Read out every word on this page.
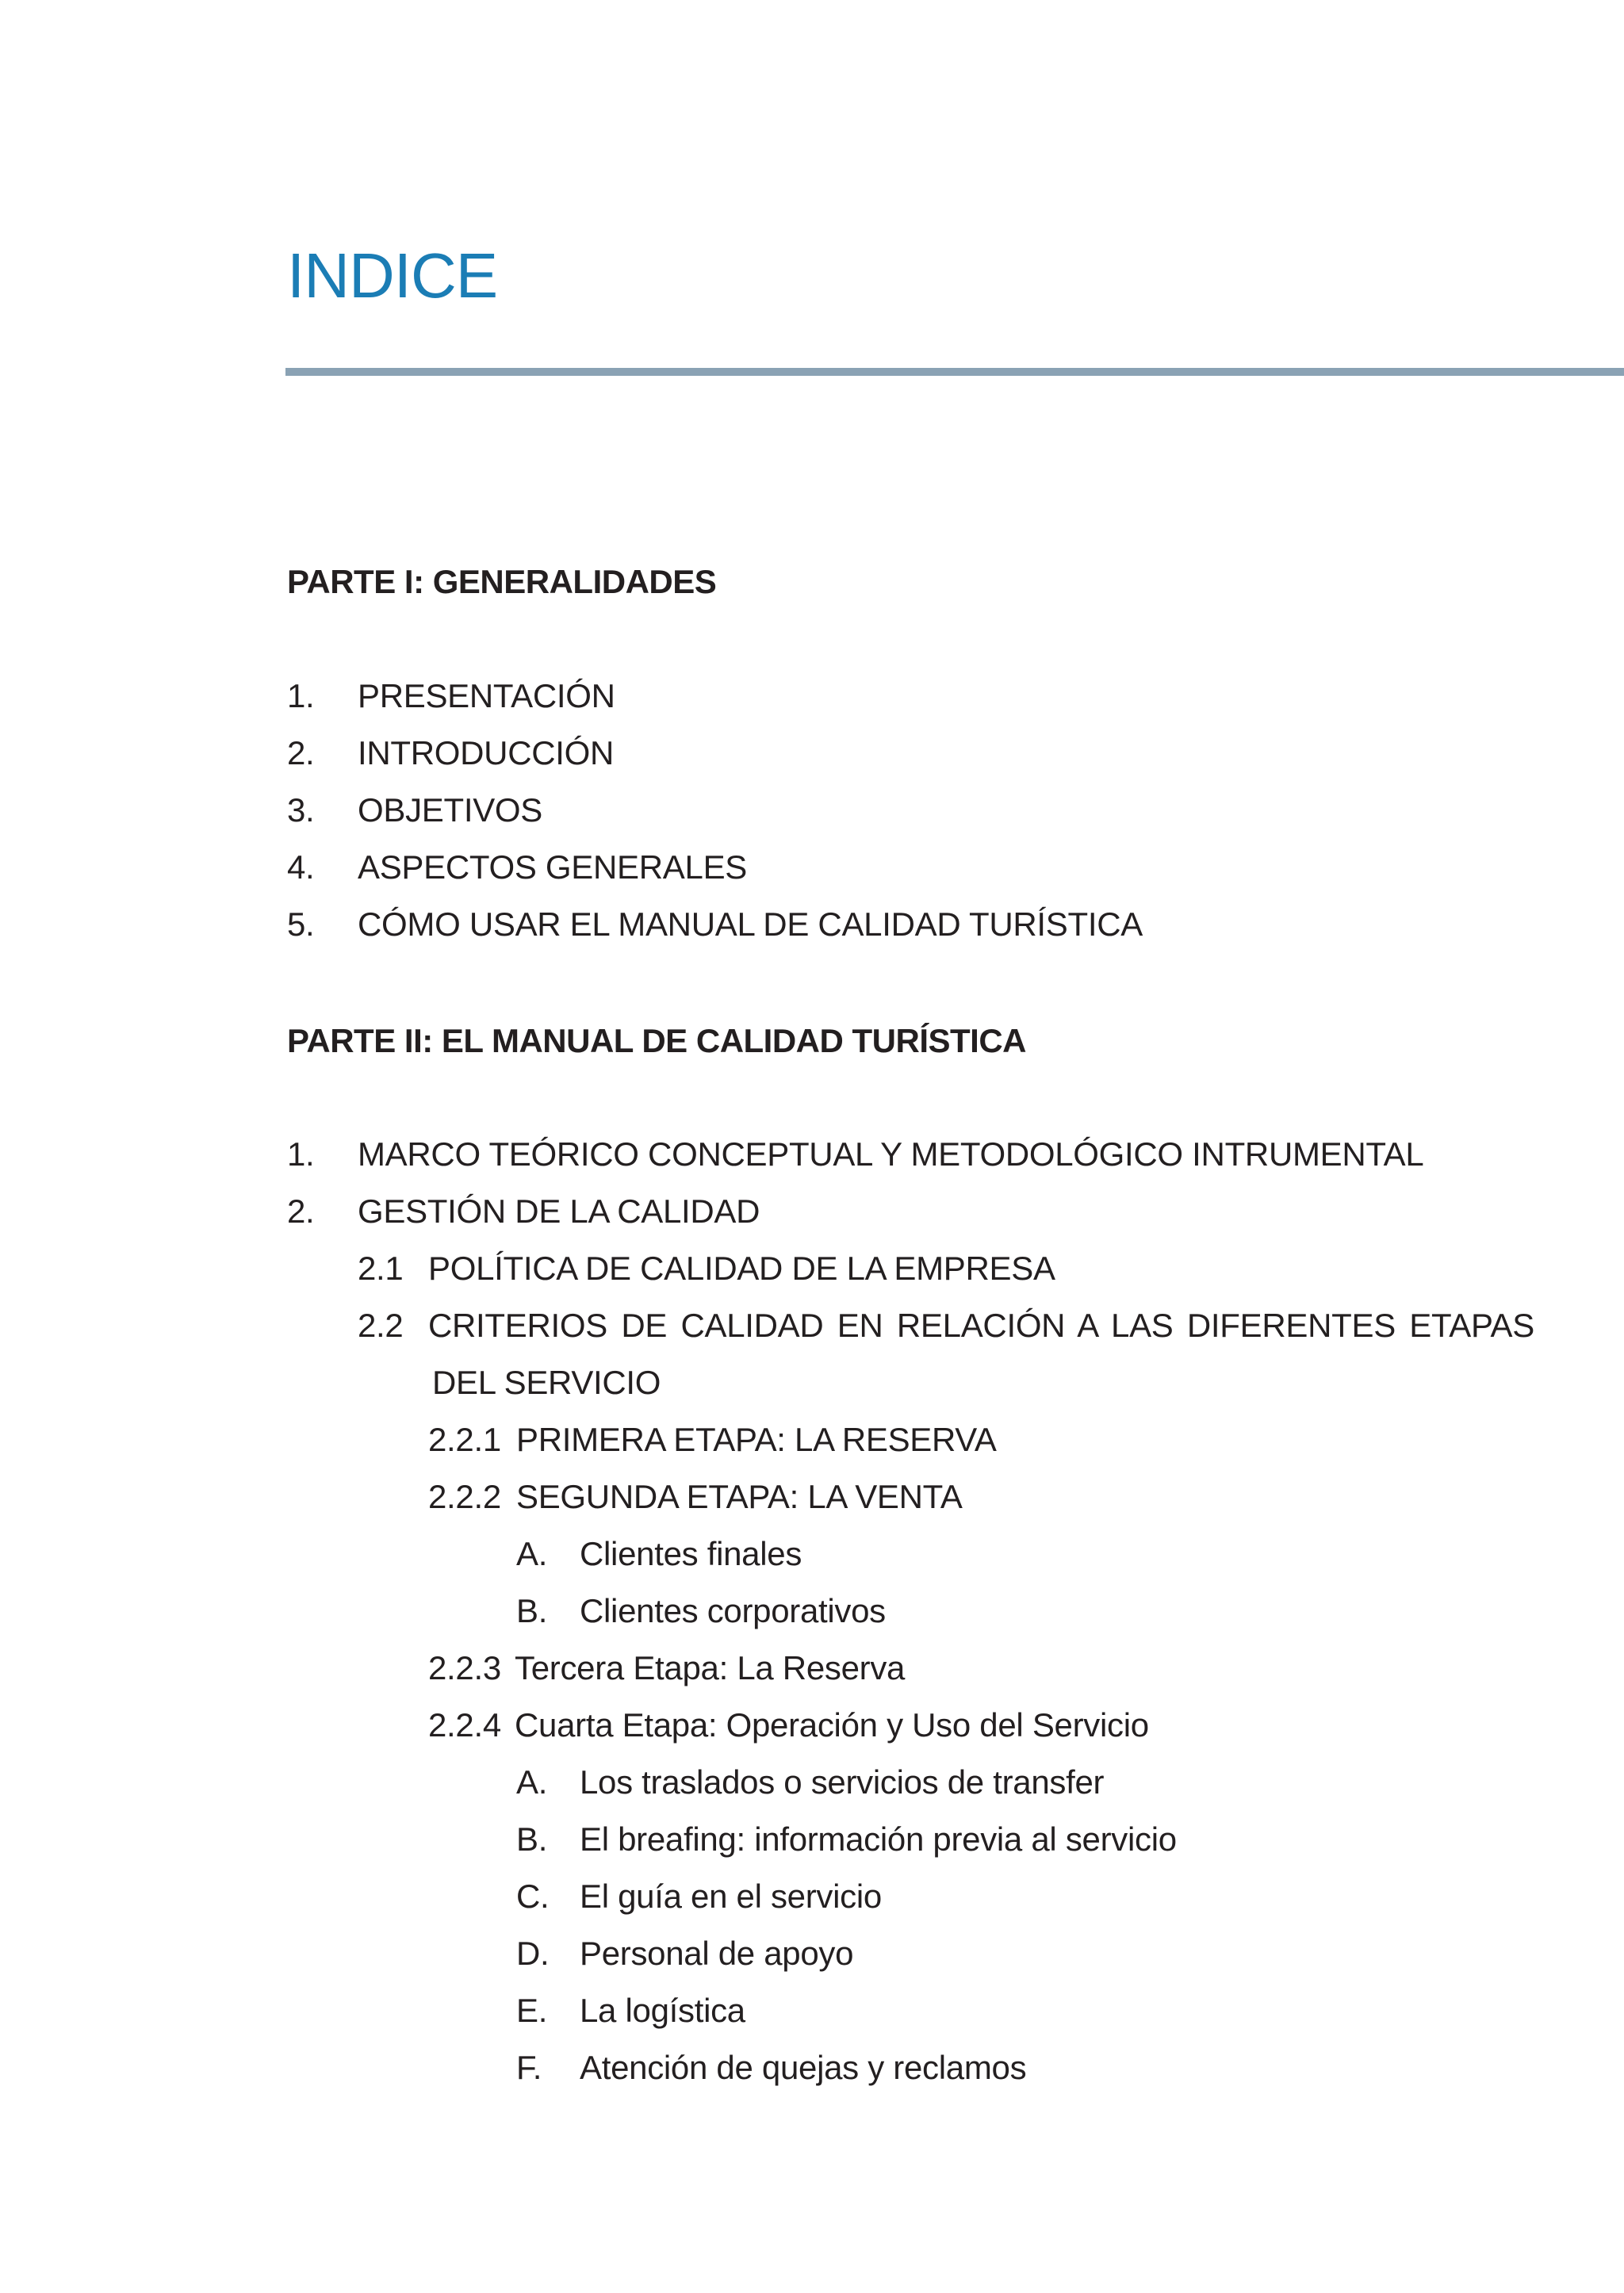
INDICE
PARTE I: GENERALIDADES
1. PRESENTACIÓN
2. INTRODUCCIÓN
3. OBJETIVOS
4. ASPECTOS GENERALES
5. CÓMO USAR EL MANUAL DE CALIDAD TURÍSTICA
PARTE II: EL MANUAL DE CALIDAD TURÍSTICA
1. MARCO TEÓRICO CONCEPTUAL Y METODOLÓGICO INTRUMENTAL
2. GESTIÓN DE LA CALIDAD
2.1 POLÍTICA DE CALIDAD DE LA EMPRESA
2.2 CRITERIOS DE CALIDAD EN RELACIÓN A LAS DIFERENTES ETAPAS
DEL SERVICIO
2.2.1 PRIMERA ETAPA: LA RESERVA
2.2.2 SEGUNDA ETAPA: LA VENTA
A. Clientes finales
B. Clientes corporativos
2.2.3 Tercera Etapa: La Reserva
2.2.4 Cuarta Etapa: Operación y Uso del Servicio
A. Los traslados o servicios de transfer
B. El breafing: información previa al servicio
C. El guía en el servicio
D. Personal de apoyo
E. La logística
F. Atención de quejas y reclamos
